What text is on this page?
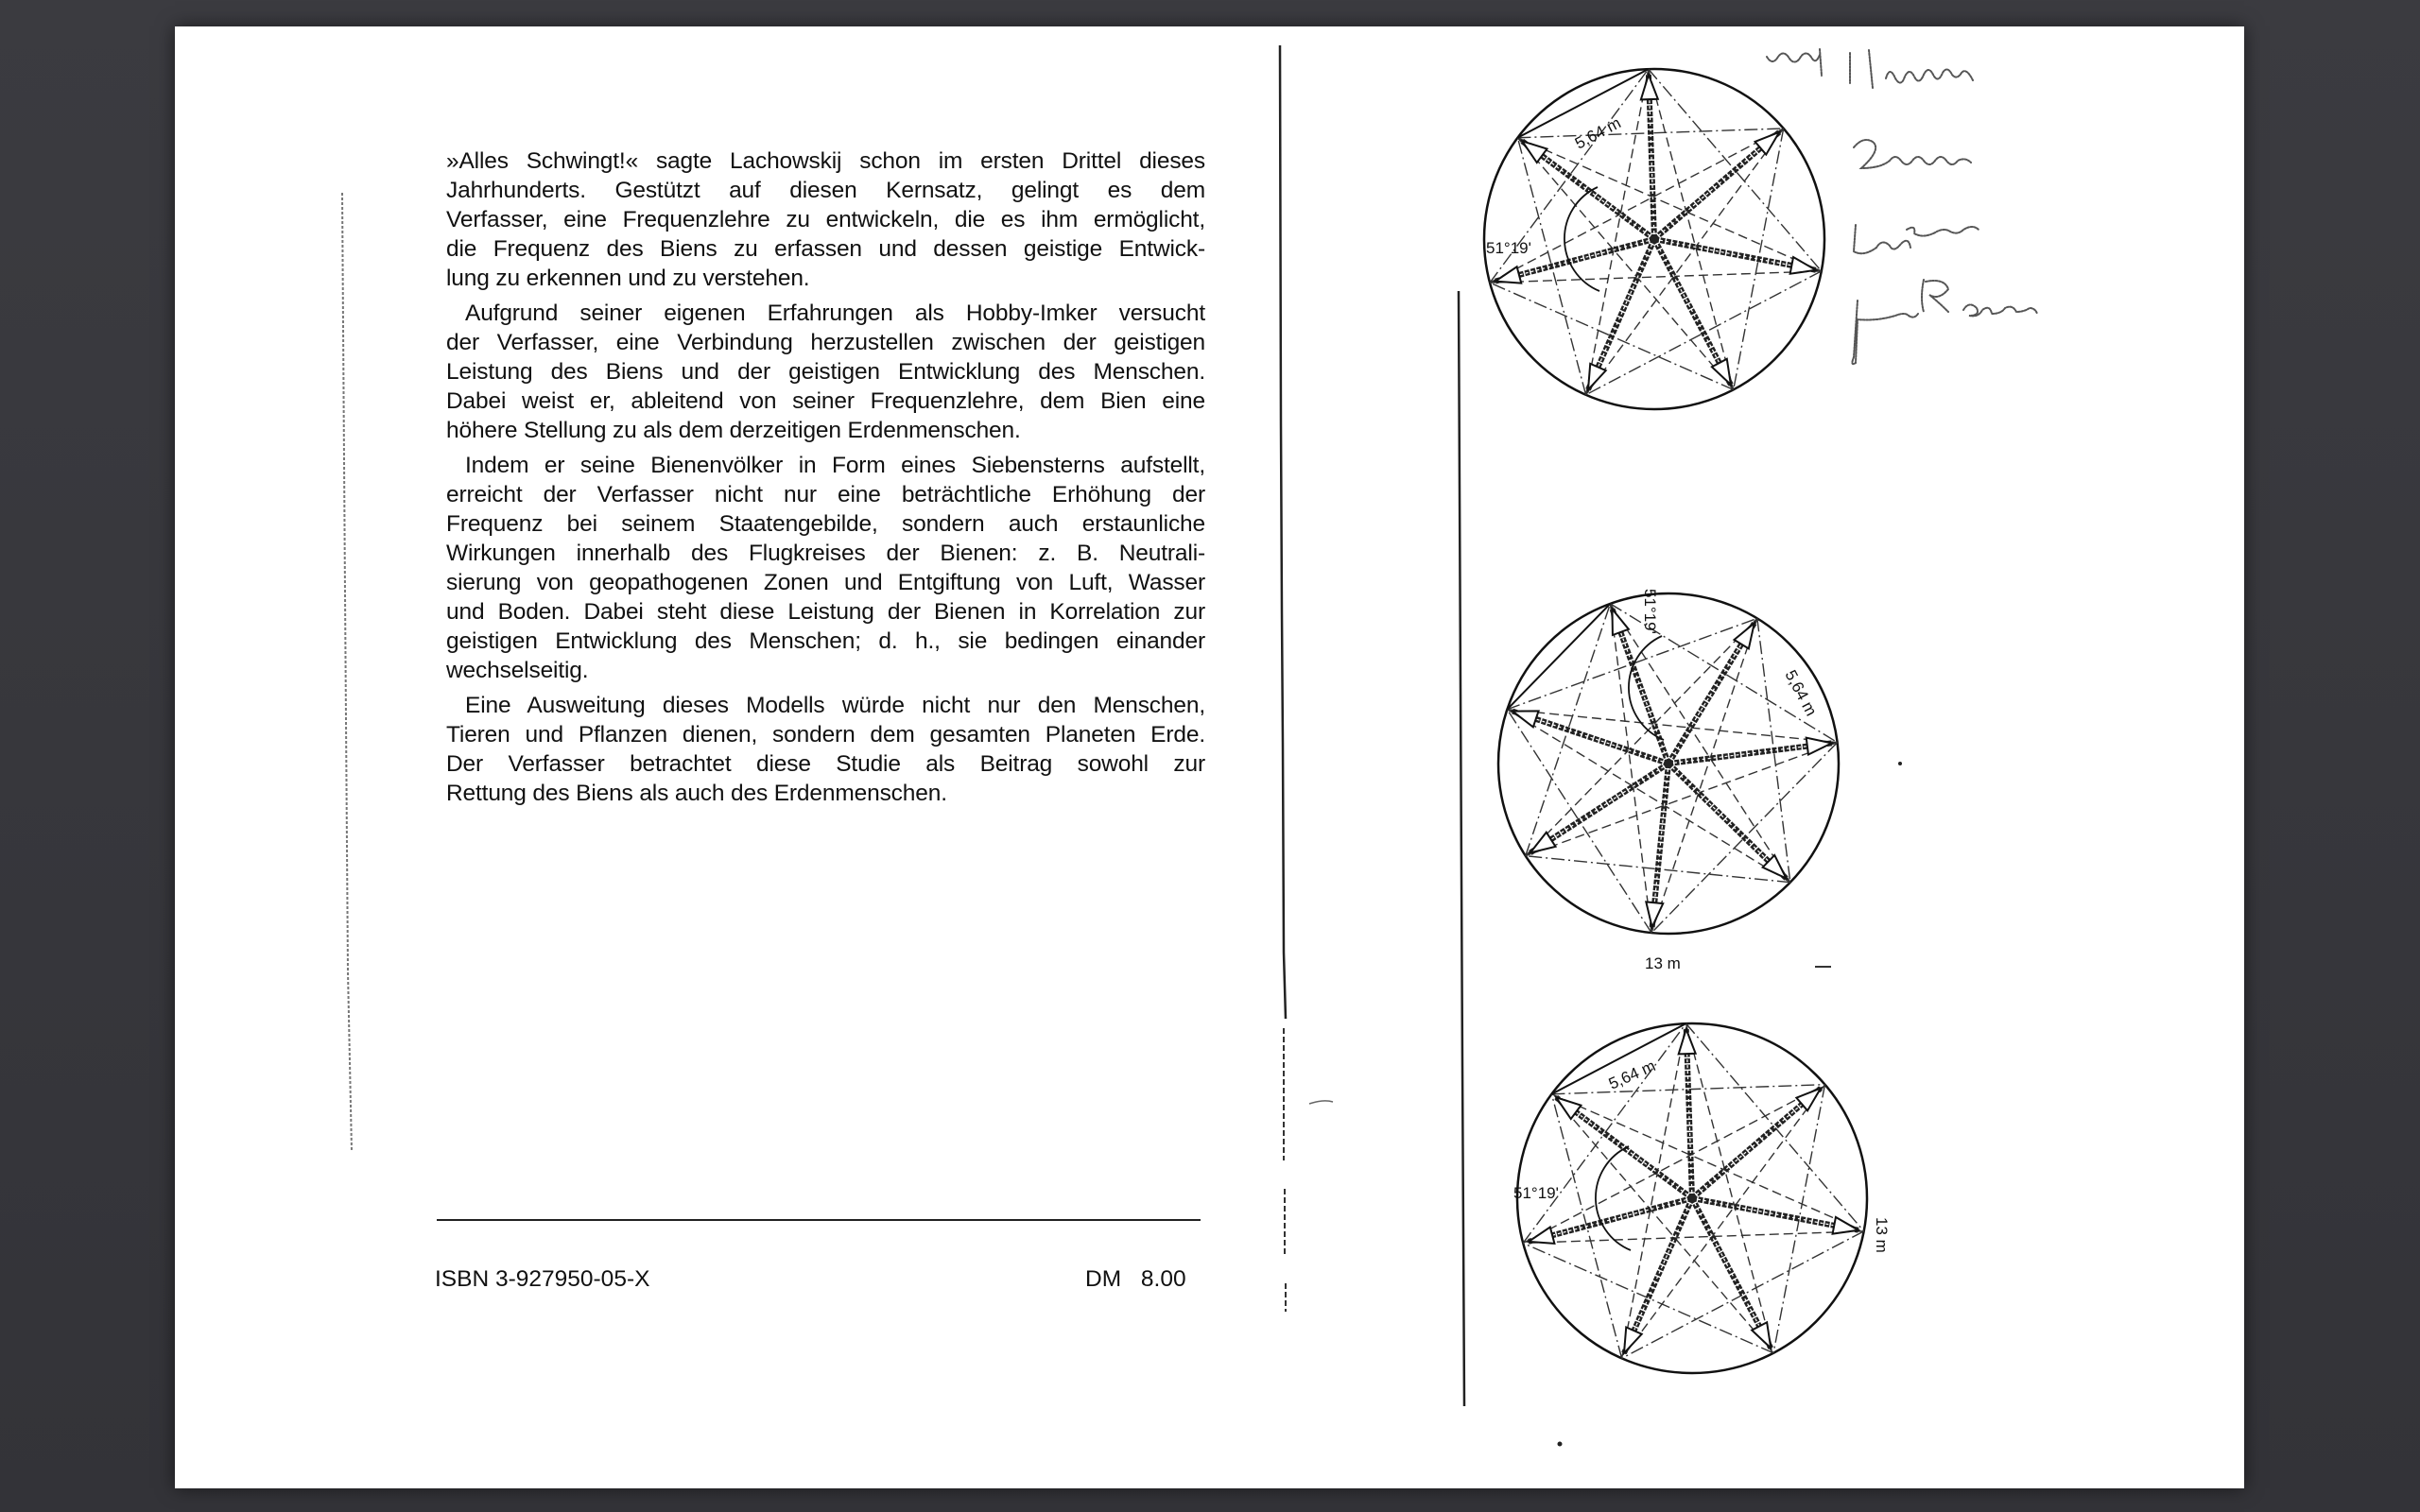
»Alles Schwingt!« sagte Lachowskij schon im ersten Drittel dieses
Jahrhunderts. Gestützt auf diesen Kernsatz, gelingt es dem
Verfasser, eine Frequenzlehre zu entwickeln, die es ihm ermöglicht,
die Frequenz des Biens zu erfassen und dessen geistige Entwick-
lung zu erkennen und zu verstehen.
Aufgrund seiner eigenen Erfahrungen als Hobby-Imker versucht
der Verfasser, eine Verbindung herzustellen zwischen der geistigen
Leistung des Biens und der geistigen Entwicklung des Menschen.
Dabei weist er, ableitend von seiner Frequenzlehre, dem Bien eine
höhere Stellung zu als dem derzeitigen Erdenmenschen.
Indem er seine Bienenvölker in Form eines Siebensterns aufstellt,
erreicht der Verfasser nicht nur eine beträchtliche Erhöhung der
Frequenz bei seinem Staatengebilde, sondern auch erstaunliche
Wirkungen innerhalb des Flugkreises der Bienen: z. B. Neutrali-
sierung von geopathogenen Zonen und Entgiftung von Luft, Wasser
und Boden. Dabei steht diese Leistung der Bienen in Korrelation zur
geistigen Entwicklung des Menschen; d. h., sie bedingen einander
wechselseitig.
Eine Ausweitung dieses Modells würde nicht nur den Menschen,
Tieren und Pflanzen dienen, sondern dem gesamten Planeten Erde.
Der Verfasser betrachtet diese Studie als Beitrag sowohl zur
Rettung des Biens als auch des Erdenmenschen.
ISBN 3-927950-05-X	DM 8.00
5,64 m
51°19'
5,64 m
51°19'
13 m
5,64 m
51°19'
13 m
